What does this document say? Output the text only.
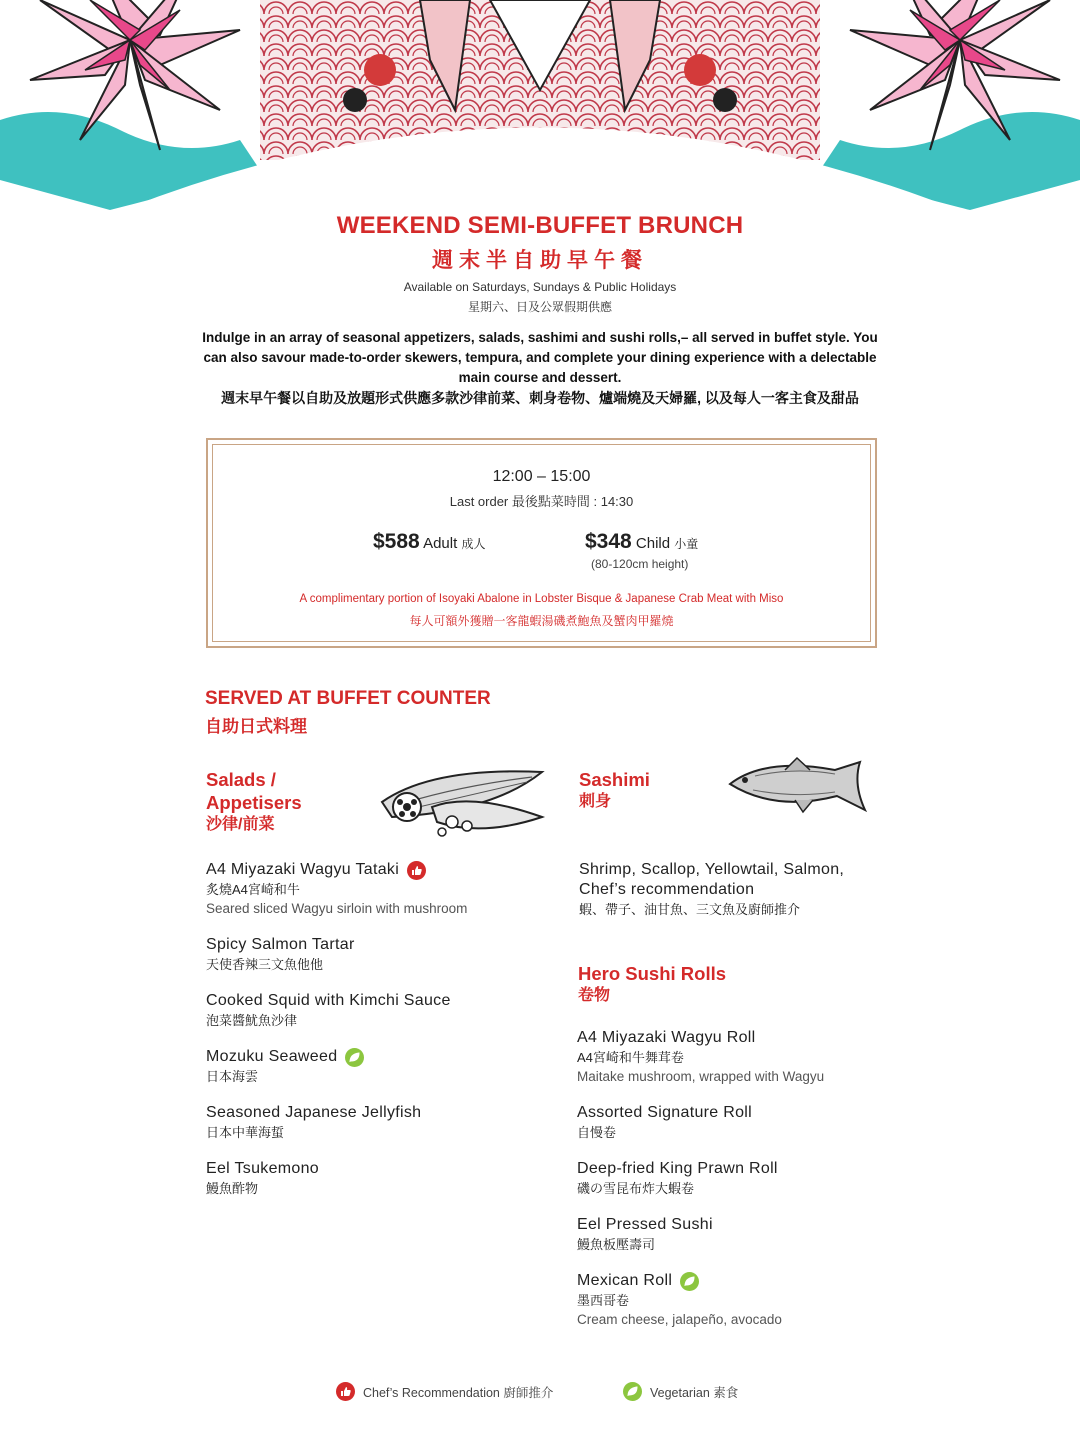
WEEKEND SEMI-BUFFET BRUNCH
週末半自助早午餐
Available on Saturdays, Sundays & Public Holidays
星期六、日及公眾假期供應
Indulge in an array of seasonal appetizers, salads, sashimi and sushi rolls,– all served in buffet style. You can also savour made-to-order skewers, tempura, and complete your dining experience with a delectable main course and dessert.
週末早午餐以自助及放題形式供應多款沙律前菜、刺身卷物、爐端燒及天婦羅, 以及每人一客主食及甜品
12:00 – 15:00
Last order 最後點菜時間 : 14:30
$588 Adult 成人	$348 Child 小童
(80-120cm height)
A complimentary portion of Isoyaki Abalone in Lobster Bisque & Japanese Crab Meat with Miso
每人可額外獲贈一客龍蝦湯磯煮鮑魚及蟹肉甲羅燒
SERVED AT BUFFET COUNTER
自助日式料理
Salads /
Appetisers
沙律/前菜
A4 Miyazaki Wagyu Tataki
炙燒A4宮崎和牛
Seared sliced Wagyu sirloin with mushroom
Spicy Salmon Tartar
天使香辣三文魚他他
Cooked Squid with Kimchi Sauce
泡菜醬魷魚沙律
Mozuku Seaweed
日本海雲
Seasoned Japanese Jellyfish
日本中華海蜇
Eel Tsukemono
鰻魚酢物
Sashimi
刺身
Shrimp, Scallop, Yellowtail, Salmon,
Chef’s recommendation
蝦、帶子、油甘魚、三文魚及廚師推介
Hero Sushi Rolls
卷物
A4 Miyazaki Wagyu Roll
A4宮崎和牛舞茸卷
Maitake mushroom, wrapped with Wagyu
Assorted Signature Roll
自慢卷
Deep-fried King Prawn Roll
磯の雪昆布炸大蝦卷
Eel Pressed Sushi
鰻魚板壓壽司
Mexican Roll
墨西哥卷
Cream cheese, jalapeño, avocado
Chef’s Recommendation 廚師推介	Vegetarian 素食
